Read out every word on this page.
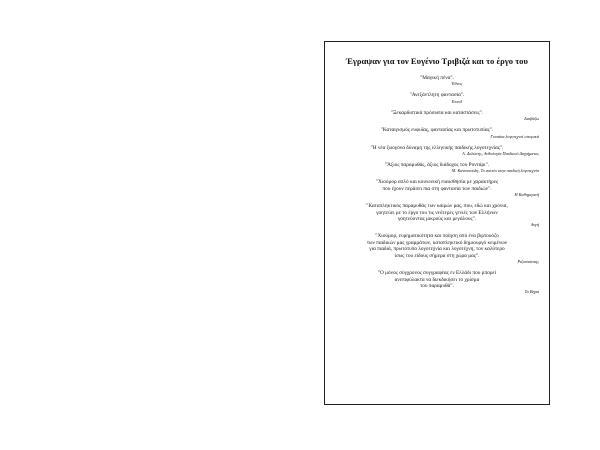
Έγραψαν για τον Ευγένιο Τριβιζά και το έργο του
"Μαγική πένα".
Έθνος
"Ανεξάντλητη φαντασία".
Επενδ
"Ξεκαρδιστικά πρόσωπα και καταστάσεις".
Διαβάζω
"Καταιγισμός ευφυΐας, φαντασίας και πρωτοτυπίας".
Γυναίκα λογοτεχνεί ιστορικά
"Η νέα ζωογόνα δύναμη της ελληνικής παιδικής λογοτεχνίας".
Α. Δελώνης, Ανθολογία Παιδικού Διηγήματος
"Άξιος παραμυθάς, άξιος διάδοχος του Ροντάρι".
Μ. Κανατσούλη, Το αστείο στην παιδική λογοτεχνία
"Χιούμορ απλό και κοινωνική ευαισθησία με χαρακτήρες
που έχουν περάσει πια στη φαντασία των παιδιών".
Η Καθημερινή
"Καταπληκτικός παραμυθάς των καιρών μας, που, εδώ και χρόνια,
γοητεύει με το έργο του τις νεότερες γενιές των Ελλήνων
γοητεύοντας μικρούς και μεγάλους".
Αυγή
"Χιούμορ, ευρηματικότητα και ποίηση από ένα βιρτουόζο
των παιδικών μας γραμμάτων, καταπληκτικό δημιουργό κειμένων
για παιδιά, πρωτότυπο λογοτεχνία και λογοτέχνη, τον καλύτερο
ίσως του είδους σήμερα στη χώρα μας".
Ριζοσπάστης
"Ο μόνος σύγχρονος συγγραφέας εν Ελλάδι που μπορεί
ανεπιφύλακτα να διεκδικήσει το χρίσμα
του παραμυθά".
Το Βήμα
